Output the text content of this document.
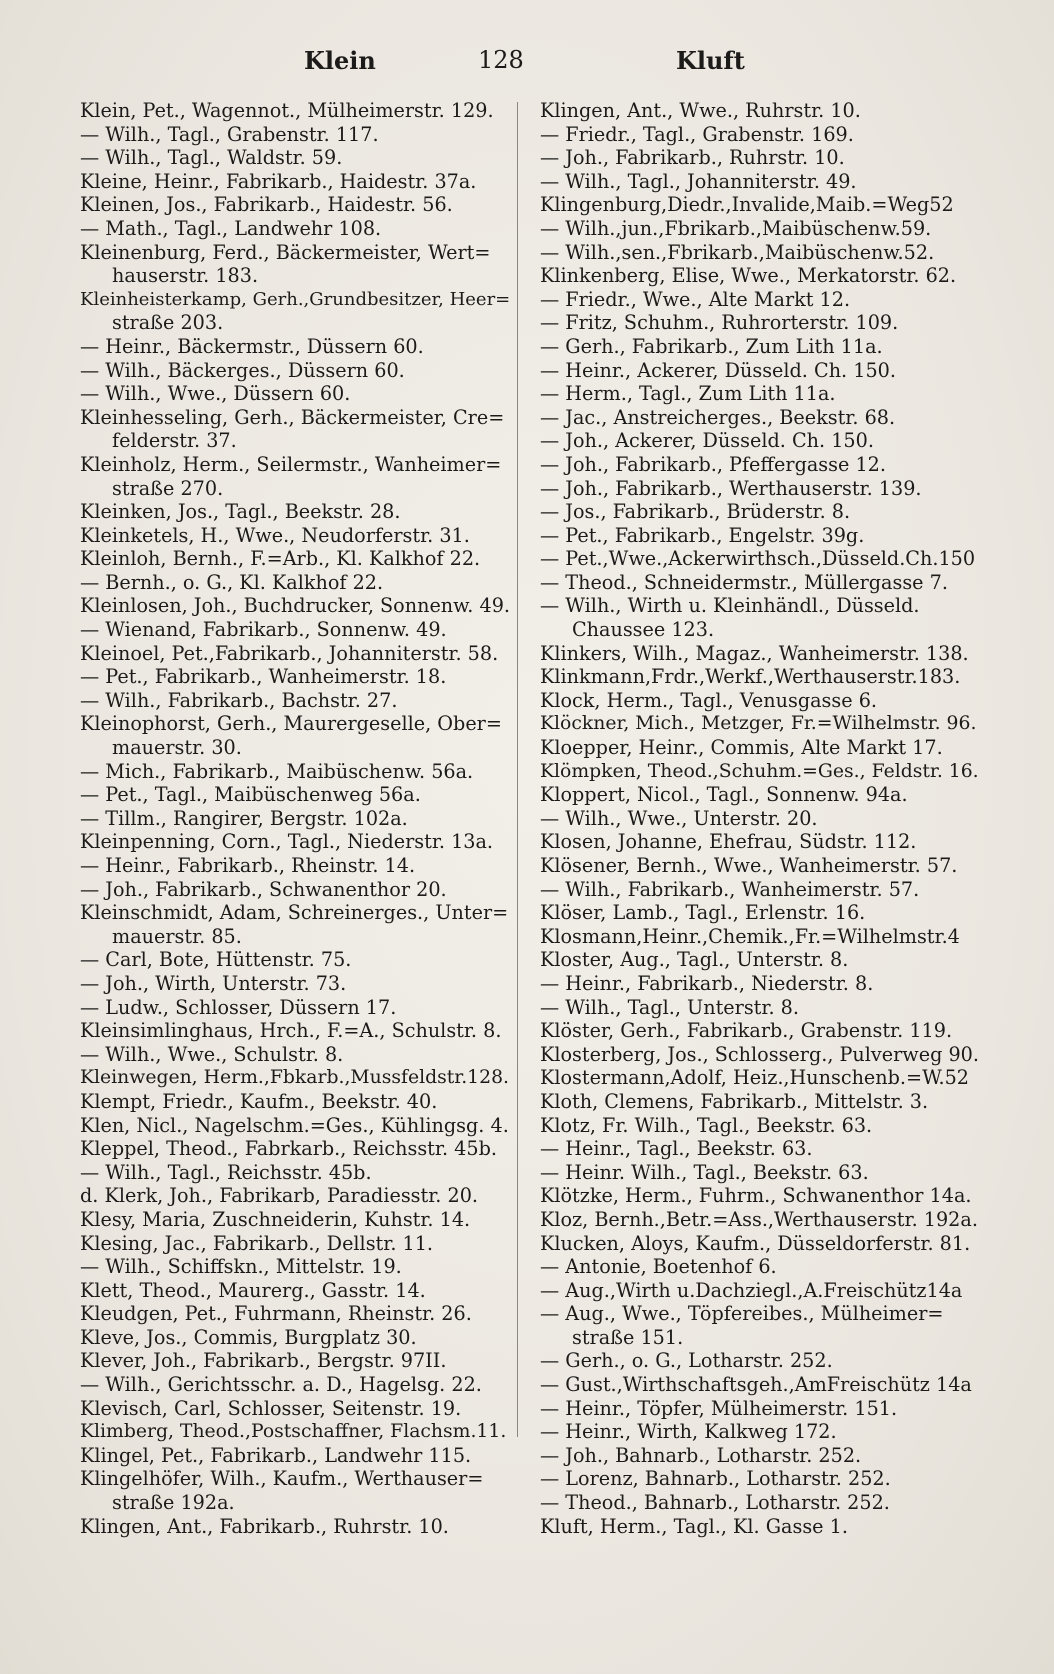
Klein	128	Kluft
Klein, Pet., Wagennot., Mülheimerstr. 129.
— Wilh., Tagl., Grabenstr. 117.
— Wilh., Tagl., Waldstr. 59.
Kleine, Heinr., Fabrikarb., Haidestr. 37a.
Kleinen, Jos., Fabrikarb., Haidestr. 56.
— Math., Tagl., Landwehr 108.
Kleinenburg, Ferd., Bäckermeister, Wert=
hauserstr. 183.
Kleinheisterkamp, Gerh.,Grundbesitzer, Heer=
straße 203.
— Heinr., Bäckermstr., Düssern 60.
— Wilh., Bäckerges., Düssern 60.
— Wilh., Wwe., Düssern 60.
Kleinhesseling, Gerh., Bäckermeister, Cre=
felderstr. 37.
Kleinholz, Herm., Seilermstr., Wanheimer=
straße 270.
Kleinken, Jos., Tagl., Beekstr. 28.
Kleinketels, H., Wwe., Neudorferstr. 31.
Kleinloh, Bernh., F.=Arb., Kl. Kalkhof 22.
— Bernh., o. G., Kl. Kalkhof 22.
Kleinlosen, Joh., Buchdrucker, Sonnenw. 49.
— Wienand, Fabrikarb., Sonnenw. 49.
Kleinoel, Pet.,Fabrikarb., Johanniterstr. 58.
— Pet., Fabrikarb., Wanheimerstr. 18.
— Wilh., Fabrikarb., Bachstr. 27.
Kleinophorst, Gerh., Maurergeselle, Ober=
mauerstr. 30.
— Mich., Fabrikarb., Maibüschenw. 56a.
— Pet., Tagl., Maibüschenweg 56a.
— Tillm., Rangirer, Bergstr. 102a.
Kleinpenning, Corn., Tagl., Niederstr. 13a.
— Heinr., Fabrikarb., Rheinstr. 14.
— Joh., Fabrikarb., Schwanenthor 20.
Kleinschmidt, Adam, Schreinerges., Unter=
mauerstr. 85.
— Carl, Bote, Hüttenstr. 75.
— Joh., Wirth, Unterstr. 73.
— Ludw., Schlosser, Düssern 17.
Kleinsimlinghaus, Hrch., F.=A., Schulstr. 8.
— Wilh., Wwe., Schulstr. 8.
Kleinwegen, Herm.,Fbkarb.,Mussfeldstr.128.
Klempt, Friedr., Kaufm., Beekstr. 40.
Klen, Nicl., Nagelschm.=Ges., Kühlingsg. 4.
Kleppel, Theod., Fabrkarb., Reichsstr. 45b.
— Wilh., Tagl., Reichsstr. 45b.
d. Klerk, Joh., Fabrikarb, Paradiesstr. 20.
Klesy, Maria, Zuschneiderin, Kuhstr. 14.
Klesing, Jac., Fabrikarb., Dellstr. 11.
— Wilh., Schiffskn., Mittelstr. 19.
Klett, Theod., Maurerg., Gasstr. 14.
Kleudgen, Pet., Fuhrmann, Rheinstr. 26.
Kleve, Jos., Commis, Burgplatz 30.
Klever, Joh., Fabrikarb., Bergstr. 97II.
— Wilh., Gerichtsschr. a. D., Hagelsg. 22.
Klevisch, Carl, Schlosser, Seitenstr. 19.
Klimberg, Theod.,Postschaffner, Flachsm.11.
Klingel, Pet., Fabrikarb., Landwehr 115.
Klingelhöfer, Wilh., Kaufm., Werthauser=
straße 192a.
Klingen, Ant., Fabrikarb., Ruhrstr. 10.
Klingen, Ant., Wwe., Ruhrstr. 10.
— Friedr., Tagl., Grabenstr. 169.
— Joh., Fabrikarb., Ruhrstr. 10.
— Wilh., Tagl., Johanniterstr. 49.
Klingenburg,Diedr.,Invalide,Maib.=Weg52
— Wilh.,jun.,Fbrikarb.,Maibüschenw.59.
— Wilh.,sen.,Fbrikarb.,Maibüschenw.52.
Klinkenberg, Elise, Wwe., Merkatorstr. 62.
— Friedr., Wwe., Alte Markt 12.
— Fritz, Schuhm., Ruhrorterstr. 109.
— Gerh., Fabrikarb., Zum Lith 11a.
— Heinr., Ackerer, Düsseld. Ch. 150.
— Herm., Tagl., Zum Lith 11a.
— Jac., Anstreicherges., Beekstr. 68.
— Joh., Ackerer, Düsseld. Ch. 150.
— Joh., Fabrikarb., Pfeffergasse 12.
— Joh., Fabrikarb., Werthauserstr. 139.
— Jos., Fabrikarb., Brüderstr. 8.
— Pet., Fabrikarb., Engelstr. 39g.
— Pet.,Wwe.,Ackerwirthsch.,Düsseld.Ch.150
— Theod., Schneidermstr., Müllergasse 7.
— Wilh., Wirth u. Kleinhändl., Düsseld.
Chaussee 123.
Klinkers, Wilh., Magaz., Wanheimerstr. 138.
Klinkmann,Frdr.,Werkf.,Werthauserstr.183.
Klock, Herm., Tagl., Venusgasse 6.
Klöckner, Mich., Metzger, Fr.=Wilhelmstr. 96.
Kloepper, Heinr., Commis, Alte Markt 17.
Klömpken, Theod.,Schuhm.=Ges., Feldstr. 16.
Kloppert, Nicol., Tagl., Sonnenw. 94a.
— Wilh., Wwe., Unterstr. 20.
Klosen, Johanne, Ehefrau, Südstr. 112.
Klösener, Bernh., Wwe., Wanheimerstr. 57.
— Wilh., Fabrikarb., Wanheimerstr. 57.
Klöser, Lamb., Tagl., Erlenstr. 16.
Klosmann,Heinr.,Chemik.,Fr.=Wilhelmstr.4
Kloster, Aug., Tagl., Unterstr. 8.
— Heinr., Fabrikarb., Niederstr. 8.
— Wilh., Tagl., Unterstr. 8.
Klöster, Gerh., Fabrikarb., Grabenstr. 119.
Klosterberg, Jos., Schlosserg., Pulverweg 90.
Klostermann,Adolf, Heiz.,Hunschenb.=W.52
Kloth, Clemens, Fabrikarb., Mittelstr. 3.
Klotz, Fr. Wilh., Tagl., Beekstr. 63.
— Heinr., Tagl., Beekstr. 63.
— Heinr. Wilh., Tagl., Beekstr. 63.
Klötzke, Herm., Fuhrm., Schwanenthor 14a.
Kloz, Bernh.,Betr.=Ass.,Werthauserstr. 192a.
Klucken, Aloys, Kaufm., Düsseldorferstr. 81.
— Antonie, Boetenhof 6.
— Aug.,Wirth u.Dachziegl.,A.Freischütz14a
— Aug., Wwe., Töpfereibes., Mülheimer=
straße 151.
— Gerh., o. G., Lotharstr. 252.
— Gust.,Wirthschaftsgeh.,AmFreischütz 14a
— Heinr., Töpfer, Mülheimerstr. 151.
— Heinr., Wirth, Kalkweg 172.
— Joh., Bahnarb., Lotharstr. 252.
— Lorenz, Bahnarb., Lotharstr. 252.
— Theod., Bahnarb., Lotharstr. 252.
Kluft, Herm., Tagl., Kl. Gasse 1.
